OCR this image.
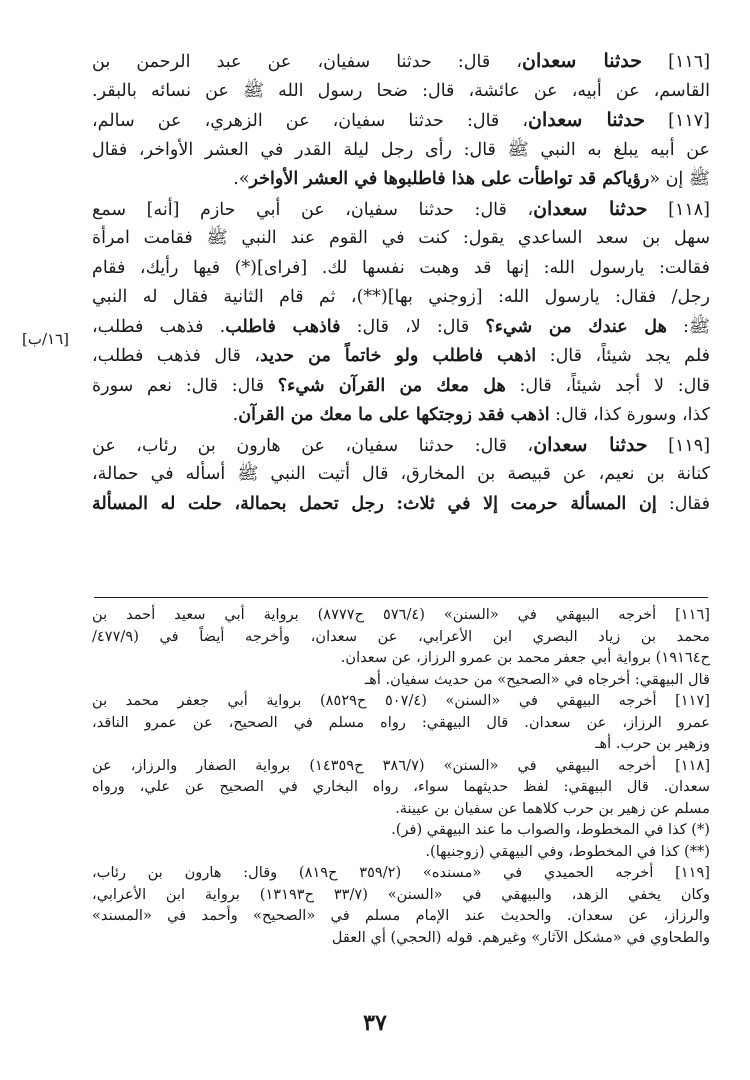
[١١٦] حدثنا سعدان، قال: حدثنا سفيان، عن عبد الرحمن بن
القاسم، عن أبيه، عن عائشة، قال: ضحا رسول الله ﷺ عن نسائه بالبقر.
[١١٧] حدثنا سعدان، قال: حدثنا سفيان، عن الزهري، عن سالم،
عن أبيه يبلغ به النبي ﷺ قال: رأى رجل ليلة القدر في العشر الأواخر، فقال
ﷺ إن «رؤياكم قد تواطأت على هذا فاطلبوها في العشر الأواخر».
[١١٨] حدثنا سعدان، قال: حدثنا سفيان، عن أبي حازم [أنه] سمع
سهل بن سعد الساعدي يقول: كنت في القوم عند النبي ﷺ فقامت امرأة
فقالت: يارسول الله: إنها قد وهبت نفسها لك. [فراى](*) فيها رأيك، فقام
رجل/ فقال: يارسول الله: [زوجني بها](**)، ثم قام الثانية فقال له النبي
ﷺ: هل عندك من شيء؟ قال: لا، قال: فاذهب فاطلب. فذهب فطلب،
فلم يجد شيئاً، قال: اذهب فاطلب ولو خاتماً من حديد، قال فذهب فطلب،
قال: لا أجد شيئاً، قال: هل معك من القرآن شيء؟ قال: قال: نعم سورة
كذا، وسورة كذا، قال: اذهب فقد زوجتكها على ما معك من القرآن.
[١١٩] حدثنا سعدان، قال: حدثنا سفيان، عن هارون بن رئاب، عن
كنانة بن نعيم، عن قبيصة بن المخارق، قال أتيت النبي ﷺ أسأله في حمالة،
فقال: إن المسألة حرمت إلا في ثلاث: رجل تحمل بحمالة، حلت له المسألة
[١٦/ب]
[١١٦] أخرجه البيهقي في «السنن» (٥٧٦/٤ ح٨٧٧٧) برواية أبي سعيد أحمد بن
محمد بن زياد البصري ابن الأعرابي، عن سعدان، وأخرجه أيضاً في (٤٧٧/٩/
ح١٩١٦٤) برواية أبي جعفر محمد بن عمرو الرزاز، عن سعدان.
قال البيهقي: أخرجاه في «الصحيح» من حديث سفيان. أهـ
[١١٧] أخرجه البيهقي في «السنن» (٥٠٧/٤ ح٨٥٢٩) برواية أبي جعفر محمد بن
عمرو الرزاز، عن سعدان. قال البيهقي: رواه مسلم في الصحيح، عن عمرو الناقد،
وزهير بن حرب. أهـ
[١١٨] أخرجه البيهقي في «السنن» (٣٨٦/٧ ح١٤٣٥٩) برواية الصفار والرزاز، عن
سعدان. قال البيهقي: لفظ حديثهما سواء، رواه البخاري في الصحيح عن علي، ورواه
مسلم عن زهير بن حرب كلاهما عن سفيان بن عيينة.
(*) كذا في المخطوط، والصواب ما عند البيهقي (فر).
(**) كذا في المخطوط، وفي البيهقي (زوجنيها).
[١١٩] أخرجه الحميدي في «مسنده» (٣٥٩/٢ ح٨١٩) وقال: هارون بن رئاب،
وكان يخفي الزهد، والبيهقي في «السنن» (٣٣/٧ ح١٣١٩٣) برواية ابن الأعرابي،
والرزاز، عن سعدان. والحديث عند الإمام مسلم في «الصحيح» وأحمد في «المسند»
والطحاوي في «مشكل الآثار» وغيرهم. قوله (الحجي) أي العقل
٣٧
